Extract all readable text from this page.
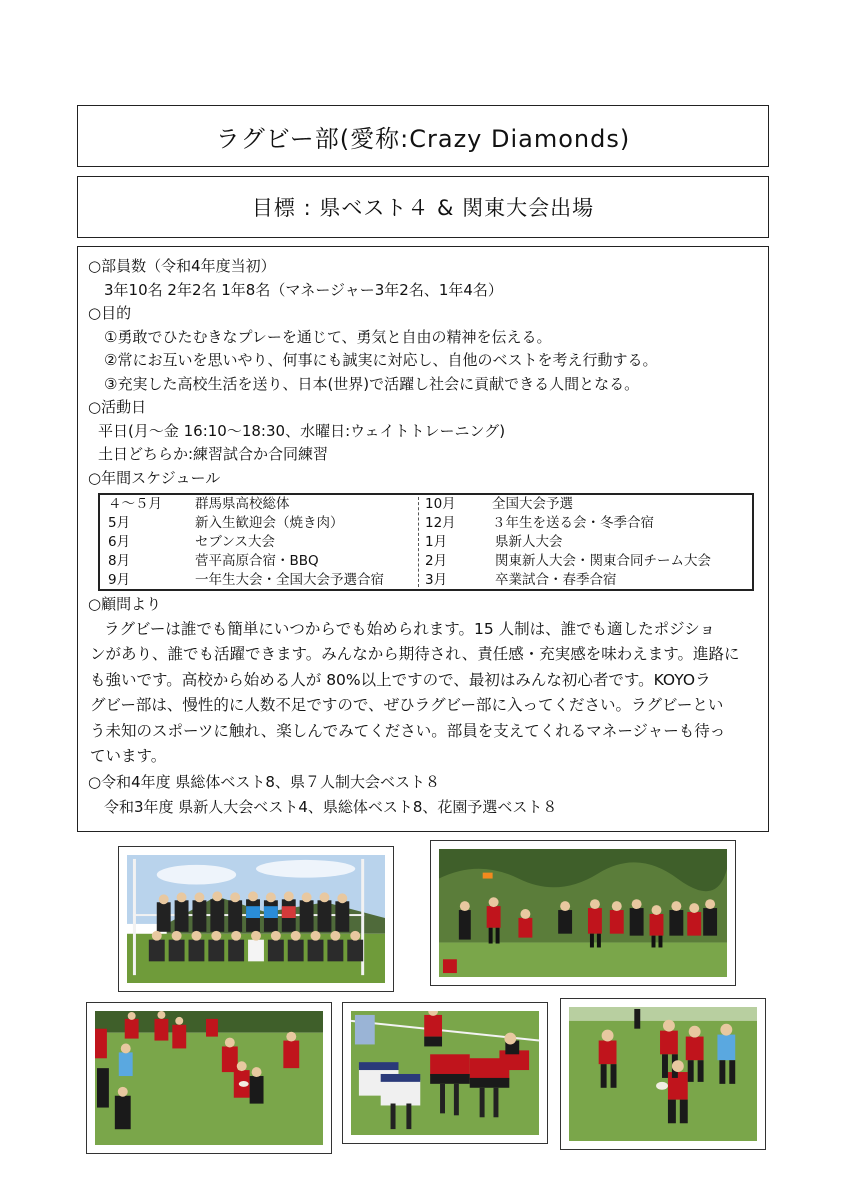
ラグビー部(愛称:Crazy Diamonds)
目標 : 県ベスト４ & 関東大会出場
○部員数（令和4年度当初）
3年10名 2年2名 1年8名（マネージャー3年2名、1年4名）
○目的
①勇敢でひたむきなプレーを通じて、勇気と自由の精神を伝える。
②常にお互いを思いやり、何事にも誠実に対応し、自他のベストを考え行動する。
③充実した高校生活を送り、日本(世界)で活躍し社会に貢献できる人間となる。
○活動日
平日(月～金 16:10～18:30、水曜日:ウェイトトレーニング)
土日どちらか:練習試合か合同練習
○年間スケジュール
４～５月 群馬県高校総体	10月	全国大会予選
5月	新入生歓迎会（焼き肉）	12月	３年生を送る会・冬季合宿
6月	セブンス大会	1月	県新人大会
8月	菅平高原合宿・BBQ	2月	関東新人大会・関東合同チーム大会
9月	一年生大会・全国大会予選合宿	3月	卒業試合・春季合宿
○顧問より
ラグビーは誰でも簡単にいつからでも始められます。15 人制は、誰でも適したポジショ
ンがあり、誰でも活躍できます。みんなから期待され、責任感・充実感を味わえます。進路に
も強いです。高校から始める人が 80%以上ですので、最初はみんな初心者です。KOYOラ
グビー部は、慢性的に人数不足ですので、ぜひラグビー部に入ってください。ラグビーとい
う未知のスポーツに触れ、楽しんでみてください。部員を支えてくれるマネージャーも待っ
ています。
○令和4年度 県総体ベスト8、県７人制大会ベスト８
令和3年度 県新人大会ベスト4、県総体ベスト8、花園予選ベスト８
